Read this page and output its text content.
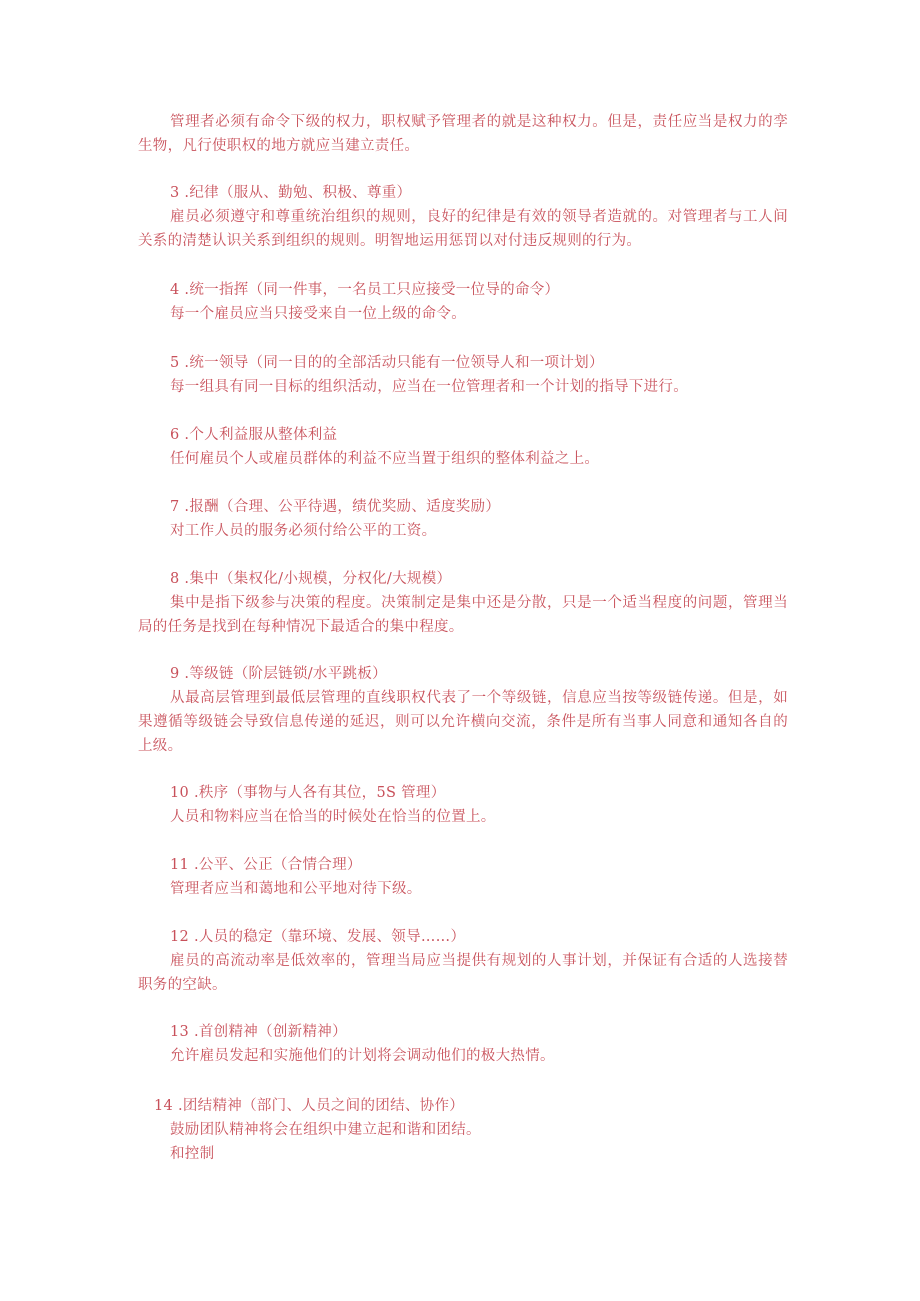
管理者必须有命令下级的权力，职权赋予管理者的就是这种权力。但是，责任应当是权力的孪生物，凡行使职权的地方就应当建立责任。

3 .纪律（服从、勤勉、积极、尊重）

雇员必须遵守和尊重统治组织的规则，良好的纪律是有效的领导者造就的。对管理者与工人间关系的清楚认识关系到组织的规则。明智地运用惩罚以对付违反规则的行为。

4 .统一指挥（同一件事，一名员工只应接受一位导的命令）

每一个雇员应当只接受来自一位上级的命令。

5 .统一领导（同一目的的全部活动只能有一位领导人和一项计划）

每一组具有同一目标的组织活动，应当在一位管理者和一个计划的指导下进行。

6 .个人利益服从整体利益

任何雇员个人或雇员群体的利益不应当置于组织的整体利益之上。

7 .报酬（合理、公平待遇，绩优奖励、适度奖励）

对工作人员的服务必须付给公平的工资。

8 .集中（集权化/小规模，分权化/大规模）

集中是指下级参与决策的程度。决策制定是集中还是分散，只是一个适当程度的问题，管理当局的任务是找到在每种情况下最适合的集中程度。

9 .等级链（阶层链锁/水平跳板）

从最高层管理到最低层管理的直线职权代表了一个等级链，信息应当按等级链传递。但是，如果遵循等级链会导致信息传递的延迟，则可以允许横向交流，条件是所有当事人同意和通知各自的上级。

10 .秩序（事物与人各有其位，5S 管理）

人员和物料应当在恰当的时候处在恰当的位置上。

11 .公平、公正（合情合理）

管理者应当和蔼地和公平地对待下级。

12 .人员的稳定（靠环境、发展、领导……）

雇员的高流动率是低效率的，管理当局应当提供有规划的人事计划，并保证有合适的人选接替职务的空缺。

13 .首创精神（创新精神）

允许雇员发起和实施他们的计划将会调动他们的极大热情。

14 .团结精神（部门、人员之间的团结、协作）

鼓励团队精神将会在组织中建立起和谐和团结。

和控制
